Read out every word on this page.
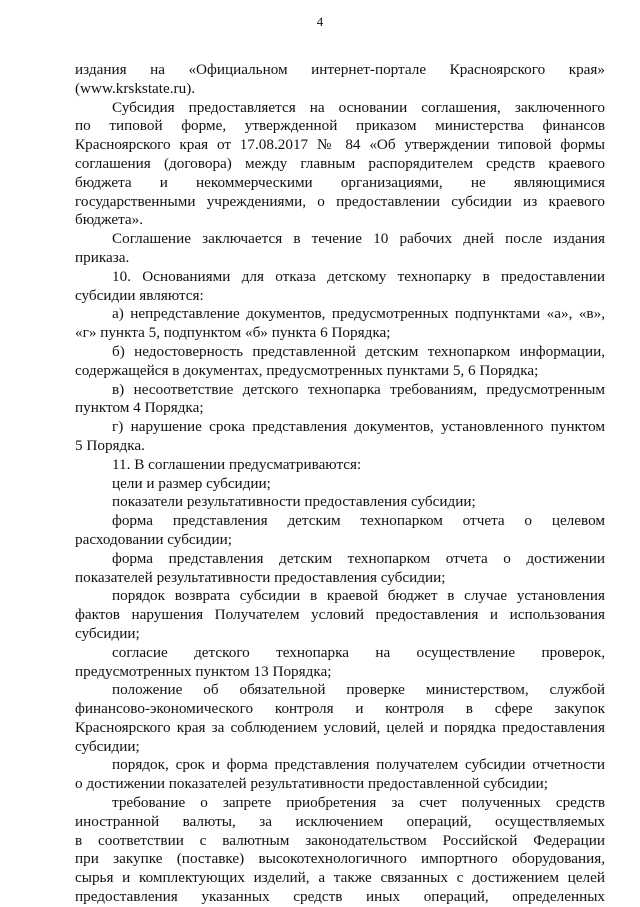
4
издания на «Официальном интернет-портале Красноярского края»
(www.krskstate.ru).
Субсидия предоставляется на основании соглашения, заключенного
по типовой форме, утвержденной приказом министерства финансов
Красноярского края от 17.08.2017 № 84 «Об утверждении типовой формы
соглашения (договора) между главным распорядителем средств краевого
бюджета и некоммерческими организациями, не являющимися
государственными учреждениями, о предоставлении субсидии из краевого
бюджета».
Соглашение заключается в течение 10 рабочих дней после издания
приказа.
10. Основаниями для отказа детскому технопарку в предоставлении
субсидии являются:
а) непредставление документов, предусмотренных подпунктами «а», «в»,
«г» пункта 5, подпунктом «б» пункта 6 Порядка;
б) недостоверность представленной детским технопарком информации,
содержащейся в документах, предусмотренных пунктами 5, 6 Порядка;
в) несоответствие детского технопарка требованиям, предусмотренным
пунктом 4 Порядка;
г) нарушение срока представления документов, установленного пунктом
5 Порядка.
11. В соглашении предусматриваются:
цели и размер субсидии;
показатели результативности предоставления субсидии;
форма представления детским технопарком отчета о целевом
расходовании субсидии;
форма представления детским технопарком отчета о достижении
показателей результативности предоставления субсидии;
порядок возврата субсидии в краевой бюджет в случае установления
фактов нарушения Получателем условий предоставления и использования
субсидии;
согласие детского технопарка на осуществление проверок,
предусмотренных пунктом 13 Порядка;
положение об обязательной проверке министерством, службой
финансово-экономического контроля и контроля в сфере закупок
Красноярского края за соблюдением условий, целей и порядка предоставления
субсидии;
порядок, срок и форма представления получателем субсидии отчетности
о достижении показателей результативности предоставленной субсидии;
требование о запрете приобретения за счет полученных средств
иностранной валюты, за исключением операций, осуществляемых
в соответствии с валютным законодательством Российской Федерации
при закупке (поставке) высокотехнологичного импортного оборудования,
сырья и комплектующих изделий, а также связанных с достижением целей
предоставления указанных средств иных операций, определенных
